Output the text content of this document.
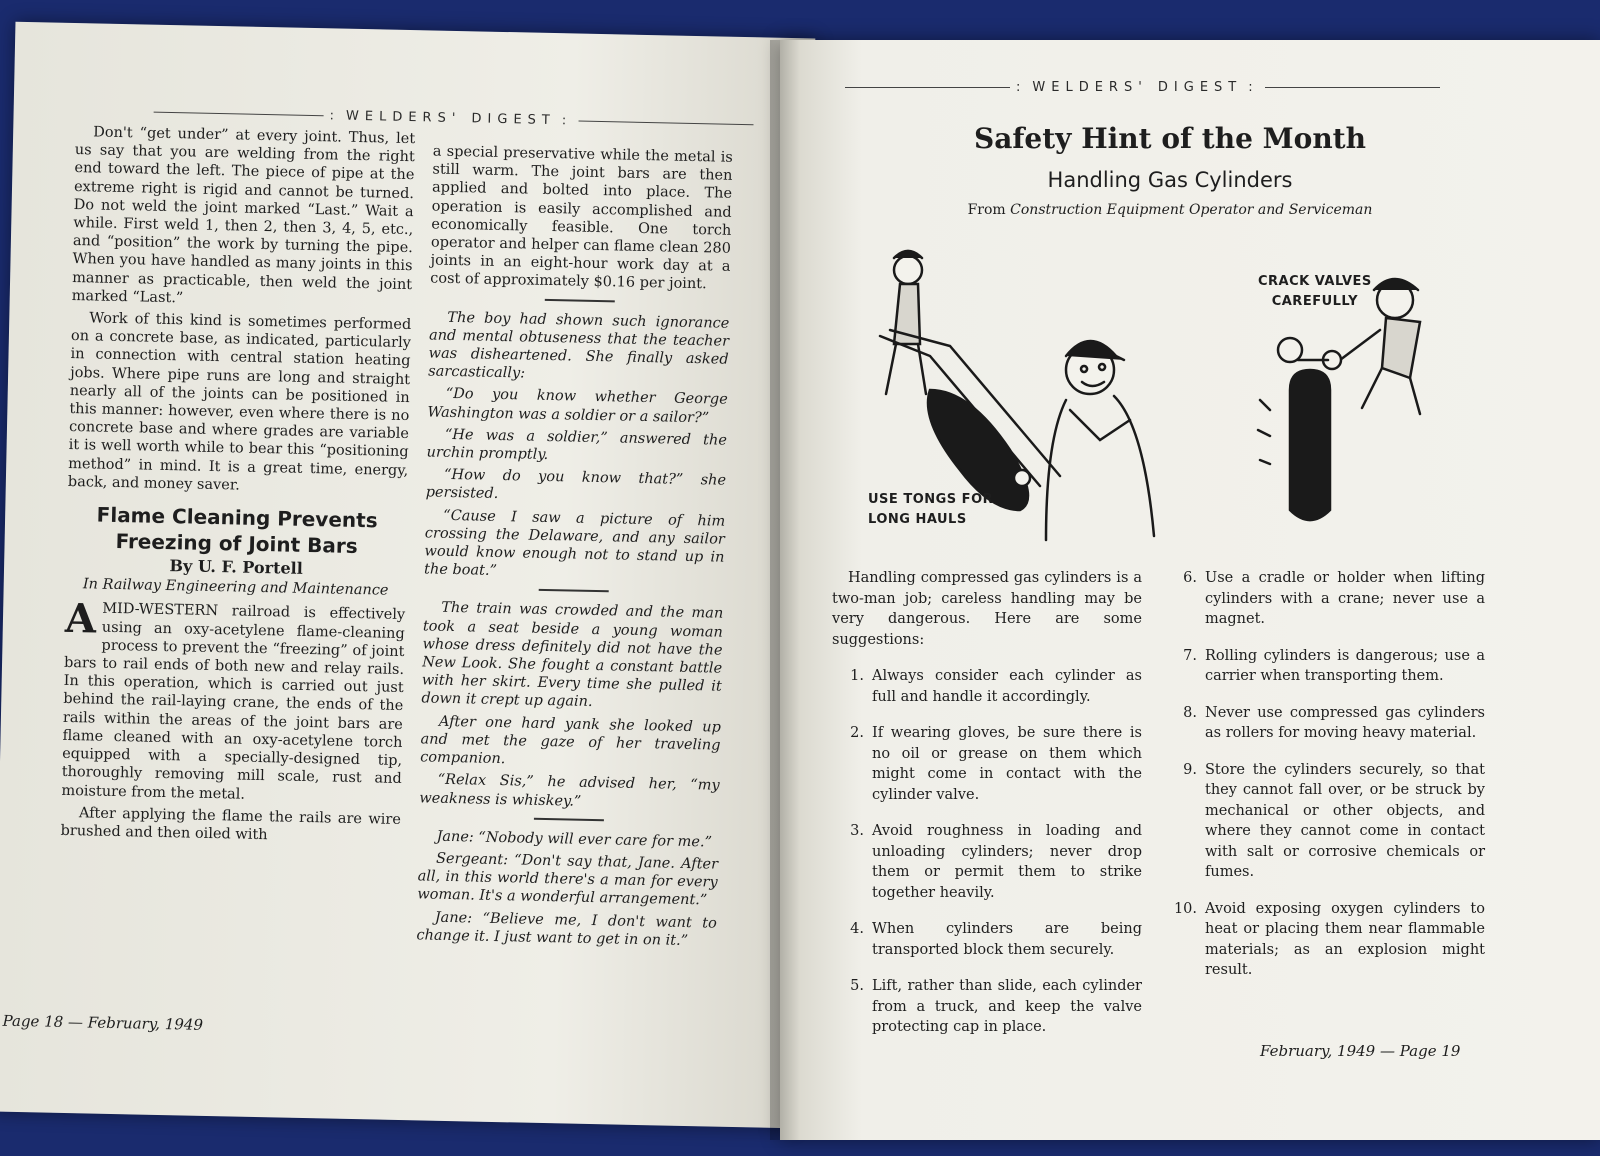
: WELDERS' DIGEST :

Don't “get under” at every joint. Thus, let us say that you are welding from the right end toward the left. The piece of pipe at the extreme right is rigid and cannot be turned. Do not weld the joint marked “Last.” Wait a while. First weld 1, then 2, then 3, 4, 5, etc., and “position” the work by turning the pipe. When you have handled as many joints in this manner as practicable, then weld the joint marked “Last.”

Work of this kind is sometimes performed on a concrete base, as indicated, particularly in connection with central station heating jobs. Where pipe runs are long and straight nearly all of the joints can be positioned in this manner: however, even where there is no concrete base and where grades are variable it is well worth while to bear this “positioning method” in mind. It is a great time, energy, back, and money saver.

Flame Cleaning Prevents
Freezing of Joint Bars
By U. F. Portell
In Railway Engineering and Maintenance

A MID-WESTERN railroad is effectively using an oxy-acetylene flame-cleaning process to prevent the “freezing” of joint bars to rail ends of both new and relay rails. In this operation, which is carried out just behind the rail-laying crane, the ends of the rails within the areas of the joint bars are flame cleaned with an oxy-acetylene torch equipped with a specially-designed tip, thoroughly removing mill scale, rust and moisture from the metal.

After applying the flame the rails are wire brushed and then oiled with

a special preservative while the metal is still warm. The joint bars are then applied and bolted into place. The operation is easily accomplished and economically feasible. One torch operator and helper can flame clean 280 joints in an eight-hour work day at a cost of approximately $0.16 per joint.

The boy had shown such ignorance and mental obtuseness that the teacher was disheartened. She finally asked sarcastically:

“Do you know whether George Washington was a soldier or a sailor?”

“He was a soldier,” answered the urchin promptly.

“How do you know that?” she persisted.

“Cause I saw a picture of him crossing the Delaware, and any sailor would know enough not to stand up in the boat.”

The train was crowded and the man took a seat beside a young woman whose dress definitely did not have the New Look. She fought a constant battle with her skirt. Every time she pulled it down it crept up again.

After one hard yank she looked up and met the gaze of her traveling companion.

“Relax Sis,” he advised her, “my weakness is whiskey.”

Jane: “Nobody will ever care for me.”

Sergeant: “Don't say that, Jane. After all, in this world there's a man for every woman. It's a wonderful arrangement.”

Jane: “Believe me, I don't want to change it. I just want to get in on it.”

Page 18 — February, 1949
: WELDERS' DIGEST :
Safety Hint of the Month
Handling Gas Cylinders
From Construction Equipment Operator and Serviceman
USE TONGS FOR
LONG HAULS
CRACK VALVES
CAREFULLY

Handling compressed gas cylinders is a two-man job; careless handling may be very dangerous. Here are some suggestions:

1. Always consider each cylinder as full and handle it accordingly.
2. If wearing gloves, be sure there is no oil or grease on them which might come in contact with the cylinder valve.
3. Avoid roughness in loading and unloading cylinders; never drop them or permit them to strike together heavily.
4. When cylinders are being transported block them securely.
5. Lift, rather than slide, each cylinder from a truck, and keep the valve protecting cap in place.
6. Use a cradle or holder when lifting cylinders with a crane; never use a magnet.
7. Rolling cylinders is dangerous; use a carrier when transporting them.
8. Never use compressed gas cylinders as rollers for moving heavy material.
9. Store the cylinders securely, so that they cannot fall over, or be struck by mechanical or other objects, and where they cannot come in contact with salt or corrosive chemicals or fumes.
10. Avoid exposing oxygen cylinders to heat or placing them near flammable materials; as an explosion might result.
February, 1949 — Page 19
